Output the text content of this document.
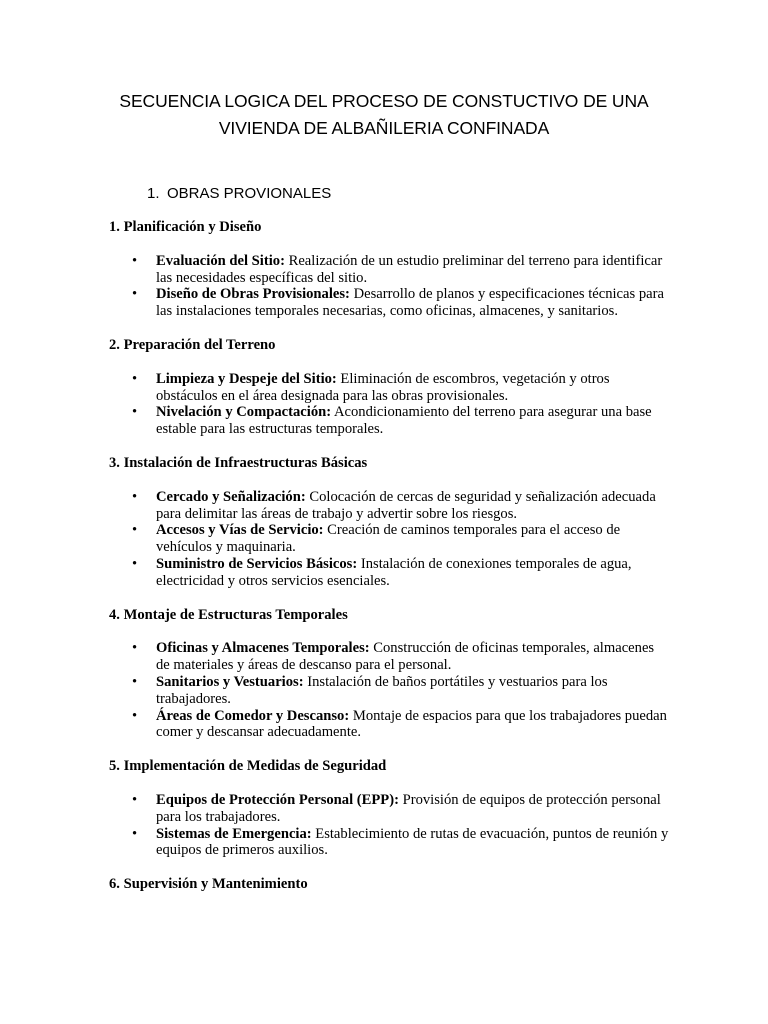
SECUENCIA LOGICA DEL PROCESO DE CONSTUCTIVO DE UNA
VIVIENDA DE ALBAÑILERIA CONFINADA
1. OBRAS PROVIONALES
1. Planificación y Diseño
• Evaluación del Sitio: Realización de un estudio preliminar del terreno para identificar las necesidades específicas del sitio.
• Diseño de Obras Provisionales: Desarrollo de planos y especificaciones técnicas para las instalaciones temporales necesarias, como oficinas, almacenes, y sanitarios.
2. Preparación del Terreno
• Limpieza y Despeje del Sitio: Eliminación de escombros, vegetación y otros obstáculos en el área designada para las obras provisionales.
• Nivelación y Compactación: Acondicionamiento del terreno para asegurar una base estable para las estructuras temporales.
3. Instalación de Infraestructuras Básicas
• Cercado y Señalización: Colocación de cercas de seguridad y señalización adecuada para delimitar las áreas de trabajo y advertir sobre los riesgos.
• Accesos y Vías de Servicio: Creación de caminos temporales para el acceso de vehículos y maquinaria.
• Suministro de Servicios Básicos: Instalación de conexiones temporales de agua, electricidad y otros servicios esenciales.
4. Montaje de Estructuras Temporales
• Oficinas y Almacenes Temporales: Construcción de oficinas temporales, almacenes de materiales y áreas de descanso para el personal.
• Sanitarios y Vestuarios: Instalación de baños portátiles y vestuarios para los trabajadores.
• Áreas de Comedor y Descanso: Montaje de espacios para que los trabajadores puedan comer y descansar adecuadamente.
5. Implementación de Medidas de Seguridad
• Equipos de Protección Personal (EPP): Provisión de equipos de protección personal para los trabajadores.
• Sistemas de Emergencia: Establecimiento de rutas de evacuación, puntos de reunión y equipos de primeros auxilios.
6. Supervisión y Mantenimiento
